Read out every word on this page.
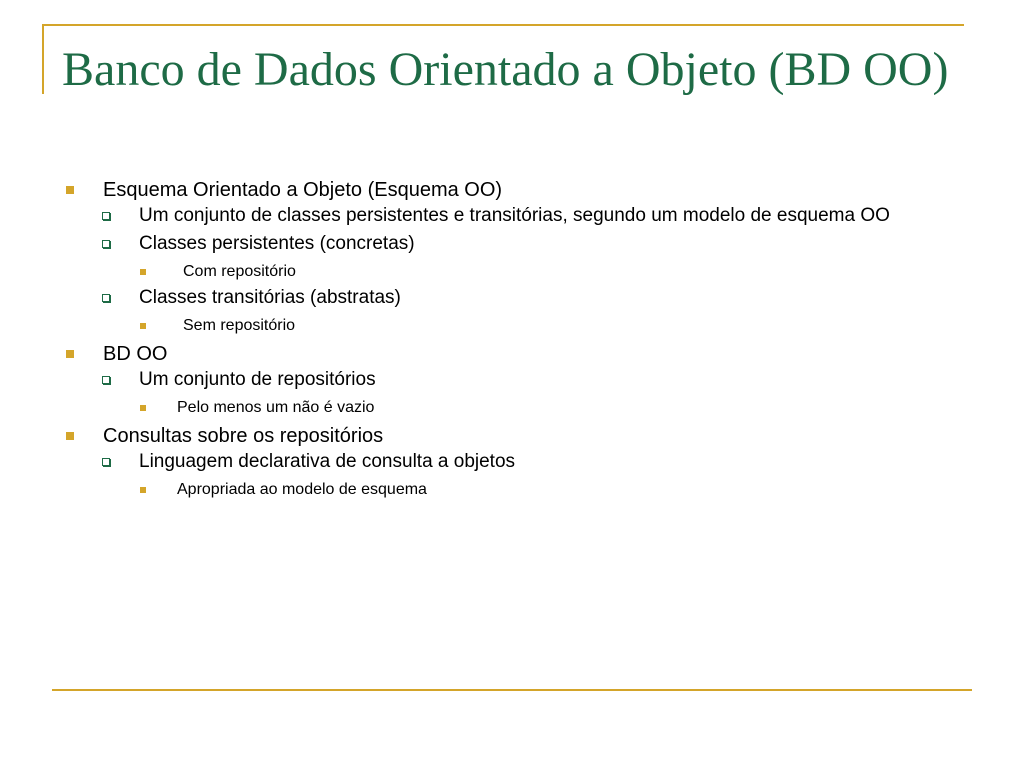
Banco de Dados Orientado a Objeto (BD OO)
Esquema Orientado a Objeto (Esquema OO)
Um conjunto de classes persistentes e transitórias, segundo um modelo de esquema OO
Classes persistentes (concretas)
Com repositório
Classes transitórias (abstratas)
Sem repositório
BD OO
Um conjunto de repositórios
Pelo menos um não é vazio
Consultas sobre os repositórios
Linguagem declarativa de consulta a objetos
Apropriada ao modelo de esquema
